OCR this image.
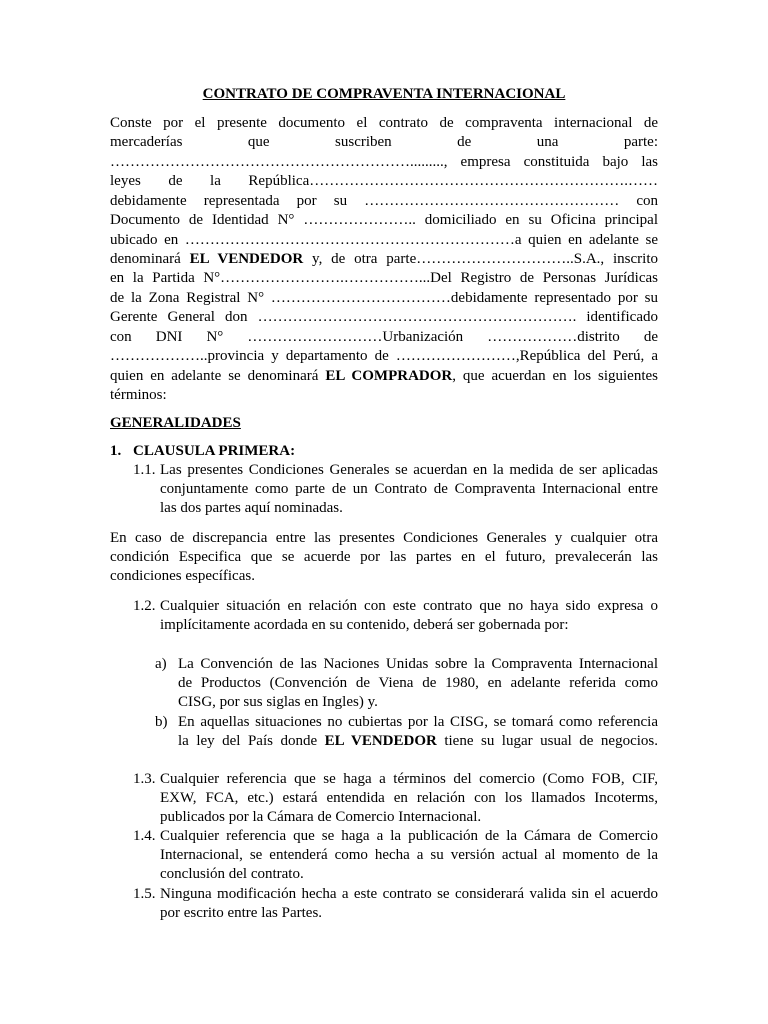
CONTRATO DE COMPRAVENTA INTERNACIONAL
Conste por el presente documento el contrato de compraventa internacional de
mercaderías que suscriben de una parte:
……………………………………………………........., empresa constituida bajo las
leyes de la República……………………………………………………….……
debidamente representada por su …………………………………………… con
Documento de Identidad N° ………………….. domiciliado en su Oficina principal
ubicado en …………………………………………………………a quien en adelante se
denominará EL VENDEDOR y, de otra parte…………………………..S.A., inscrito
en la Partida N°…………………….……………...Del Registro de Personas Jurídicas
de la Zona Registral N° ………………………………debidamente representado por su
Gerente General don ………………………………………………………. identificado
con DNI N° ………………………Urbanización ………………distrito de
………………..provincia y departamento de ……………………,República del Perú, a
quien en adelante se denominará EL COMPRADOR, que acuerdan en los siguientes
términos:
GENERALIDADES
1. CLAUSULA PRIMERA:
1.1. Las presentes Condiciones Generales se acuerdan en la medida de ser aplicadas
conjuntamente como parte de un Contrato de Compraventa Internacional entre
las dos partes aquí nominadas.
En caso de discrepancia entre las presentes Condiciones Generales y cualquier otra
condición Especifica que se acuerde por las partes en el futuro, prevalecerán las
condiciones específicas.
1.2. Cualquier situación en relación con este contrato que no haya sido expresa o
implícitamente acordada en su contenido, deberá ser gobernada por:
a) La Convención de las Naciones Unidas sobre la Compraventa Internacional
de Productos (Convención de Viena de 1980, en adelante referida como
CISG, por sus siglas en Ingles) y.
b) En aquellas situaciones no cubiertas por la CISG, se tomará como referencia
la ley del País donde EL VENDEDOR tiene su lugar usual de negocios.
1.3. Cualquier referencia que se haga a términos del comercio (Como FOB, CIF,
EXW, FCA, etc.) estará entendida en relación con los llamados Incoterms,
publicados por la Cámara de Comercio Internacional.
1.4. Cualquier referencia que se haga a la publicación de la Cámara de Comercio
Internacional, se entenderá como hecha a su versión actual al momento de la
conclusión del contrato.
1.5. Ninguna modificación hecha a este contrato se considerará valida sin el acuerdo
por escrito entre las Partes.
